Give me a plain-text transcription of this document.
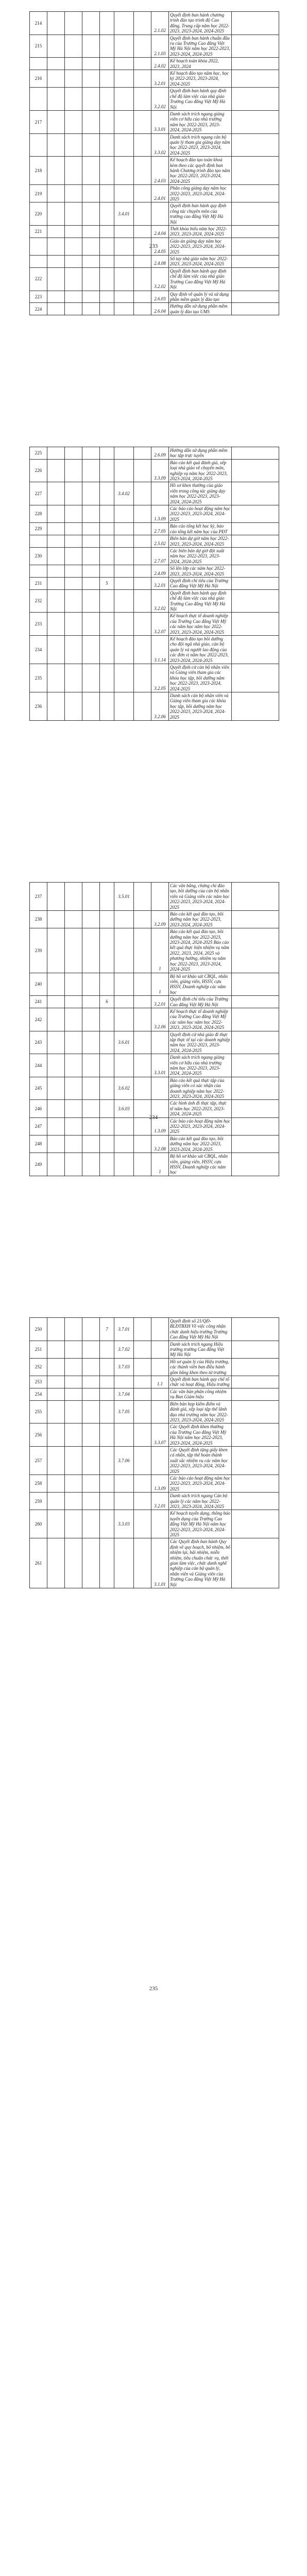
214							2.1.02	Quyết định ban hành chương trình đào tạo trình độ Cao đẳng, Trung cấp năm học 2022-2023, 2023-2024, 2024-2025	
215							2.1.03	Quyết định ban hành chuẩn đầu ra của Trường Cao đẳng Việt Mỹ Hà Nội năm học 2022-2023, 2023-2024, 2024-2025	
							2.4.02	Kế hoạch toàn khóa 2022, 2023, 2024	
216							3.2.01	Kế hoạch đào tạo năm học, học kỳ 2022-2023, 2023-2024, 2024-2025	
							3.2.02	Quyết định ban hành quy định chế độ làm việc của nhà giáo Trường Cao đẳng Việt Mỹ Hà Nội	
217							3.3.01	Danh sách trích ngang giảng viên cơ hữu của nhà trường năm học 2022-2023, 2023-2024, 2024-2025	
							3.3.02	Danh sách trích ngang cán bộ quản lý tham gia giảng dạy năm học 2022-2023, 2023-2024, 2024-2025	
218							2.4.03	Kế hoạch đào tạo toàn khoá kèm theo các quyết định ban hành Chương trình đào tạo năm học 2022-2023, 2023-2024, 2024-2025	
219							2.4.01	Phân công giảng dạy năm học 2022-2023, 2023-2024, 2024-2025	
220					3.4.01			Quyết định ban hành quy định công tác chuyên môn của trường cao đẳng Việt Mỹ Hà Nội	
221							2.4.04	Thời khóa biểu năm học 2022-2023, 2023-2024, 2024-2025	
							2.4.05	Giáo án giảng dạy năm học 2022-2023, 2023-2024, 2024-2025	
							2.4.08	Sổ tay nhà giáo năm học 2022-2023, 2023-2024, 2024-2025	
222							3.2.02	Quyết định ban hành quy định chế độ làm việc của nhà giáo Trường Cao đẳng Việt Mỹ Hà Nội	
223							2.6.03	Quy định về quản lý và sử dụng phần mềm quản lý đào tạo	
224							2.6.04	Hướng dẫn sử dụng phần mềm quản lý đào tạo UMS	
233
225							2.6.09	Hướng dẫn sử dụng phần mềm học tập trực tuyến	
226							3.3.09	Báo cáo kết quả đánh giá, xếp loại nhà giáo về chuyên môn, nghiệp vụ năm học 2022-2023, 2023-2024, 2024-2025	
227					3.4.02			Hồ sơ khen thưởng của giáo viên trong công tác giảng dạy năm học 2022-2023, 2023-2024, 2024-2025	
228							1.3.09	Các báo cáo hoạt động năm học 2022-2023, 2023-2024, 2024-2025	
229							2.7.05	Báo cáo tổng kết học kỳ, báo cáo tổng kết năm học của PĐT	
							2.5.02	Biên bản dự giờ năm học 2022-2023, 2023-2024, 2024-2025	
230							2.7.07	Các biên bản dự giờ đột xuất năm học 2022-2023, 2023-2024, 2024-2025	
							2.4.09	Sổ lên lớp các năm học 2022-2023, 2023-2024, 2024-2025	
231				5			3.2.01	Quyết định chỉ tiêu của Trường Cao đẳng Việt Mỹ Hà Nội	
232							3.2.02	Quyết định ban hành quy định chế độ làm việc của nhà giáo Trường Cao đẳng Việt Mỹ Hà Nội	
233							3.2.07	Kế hoạch thực tế doanh nghiệp của Trường Cao đẳng Việt Mỹ các năm học năm học 2022-2023, 2023-2024, 2024-2025	
234							3.1.14	Kế hoạch đào tạo bồi dưỡng cho đội ngũ nhà giáo, cán bộ quản lý và người lao động của các đơn vị năm học 2022-2023, 2023-2024, 2024-2025	
235							3.2.05	Quyết định cử cán bộ nhân viên và Giảng viên tham gia các khóa học tập, bồi dưỡng năm học 2022-2023, 2023-2024, 2024-2025	
236							3.2.06	Danh sách cán bộ nhân viên và Giảng viên tham gia các khóa học tập, bồi dưỡng năm học 2022-2023, 2023-2024, 2024-2025	
234
237					3.5.01			Các văn bằng, chứng chỉ đào tạo, bồi dưỡng của cán bộ nhân viên và Giảng viên các năm học 2022-2023, 2023-2024, 2024-2025	
238							3.2.09	Báo cáo kết quả đào tạo, bồi dưỡng năm học 2022-2023, 2023-2024, 2024-2025	
239							1	Báo cáo kết quả đào tạo, bồi dưỡng năm học 2022-2023, 2023-2024, 2024-2025 Báo cáo kết quả thực hiện nhiệm vụ năm 2022, 2023, 2024, 2025 và phương hướng, nhiệm vụ năm học 2022-2023, 2023-2024, 2024-2025	
240							1	Bộ hồ sơ khảo sát CBQL, nhân viên, giảng viên, HSSV, cựu HSSV, Doanh nghiệp các năm học	
241				6			3.2.01	Quyết định chỉ tiêu của Trường Cao đẳng Việt Mỹ Hà Nội	
242							3.2.06	Kế hoạch thực tế doanh nghiệp của Trường Cao đẳng Việt Mỹ các năm học năm học 2022-2023, 2023-2024, 2024-2025	
243					3.6.01			Quyết định cử nhà giáo đi thực tập thực tế tại các doanh nghiệp năm học 2022-2023, 2023-2024, 2024-2025	
244							3.3.01	Danh sách trích ngang giảng viên cơ hữu của nhà trường năm học 2022-2023, 2023-2024, 2024-2025	
245					3.6.02			Báo cáo kết quả thực tập của giảng viên có xác nhận của doanh nghiệp năm học 2022-2023, 2023-2024, 2024-2025	
246					3.6.03			Các hình ảnh đi thực tập, thực tế năm học 2022-2023, 2023-2024, 2024-2025	
247							1.3.09	Các báo cáo hoạt động năm học 2022-2023, 2023-2024, 2024-2025	
248							3.2.08	Báo cáo kết quả đào tạo, bồi dưỡng năm học 2022-2023, 2023-2024, 2024-2025	
249							1	Bộ hồ sơ khảo sát CBQL, nhân viên, giảng viên, HSSV, cựu HSSV, Doanh nghiệp các năm học	
235
250				7	3.7.01			Quyết định số 21/QĐ-BLĐTBXH Về việc công nhận chức danh hiệu trưởng Trường Cao đẳng Việt Mỹ Hà Nội	
251					3.7.02			Danh sách trích ngang Hiệu trưởng trường Cao đẳng Việt Mỹ Hà Nội	
252					3.7.03			Hồ sơ quản lý của Hiệu trưởng, các thành viên ban điều hành gồm bằng khen theo từ trường	
253							1.1	Quyết định ban hành quy chế tổ chức và hoạt động, Hiệu trưởng	
254					3.7.04			Các văn bản phân công nhiệm vụ Ban Giám hiệu	
255					3.7.05			Biên bản họp kiểm điểm và đánh giá, xếp loại tập thể lãnh đạo nhà trường năm học 2022-2023, 2023-2024, 2024-2025	
256							3.3.07	Các Quyết định khen thưởng của Trường Cao đẳng Việt Mỹ Hà Nội năm học 2022-2023, 2023-2024, 2024-2025	
257					3.7.06			Các Quyết định tặng giấy khen cá nhân, tập thể hoàn thành xuất sắc nhiệm vụ các năm học 2022-2023, 2023-2024, 2024-2025	
258							1.3.09	Các báo cáo hoạt động năm học 2022-2023, 2023-2024, 2024-2025	
259							3.2.01	Danh sách trích ngang Cán bộ quản lý các năm học 2022-2023, 2023-2024, 2024-2025	
260					3.3.03			Kế hoạch tuyển dụng, thông báo tuyển dụng của Trường Cao đẳng Việt Mỹ Hà Nội năm học 2022-2023, 2023-2024, 2024-2025	
261							3.1.01	Các Quyết định ban hành Quy định về quy hoạch, bổ nhiệm, bổ nhiệm lại, bãi nhiệm, miễn nhiệm, tiêu chuẩn chức vụ, thời gian làm việc, chức danh nghề nghiệp của cán bộ quản lý, nhân viên và Giảng viên của Trường Cao đẳng Việt Mỹ Hà Nội	
